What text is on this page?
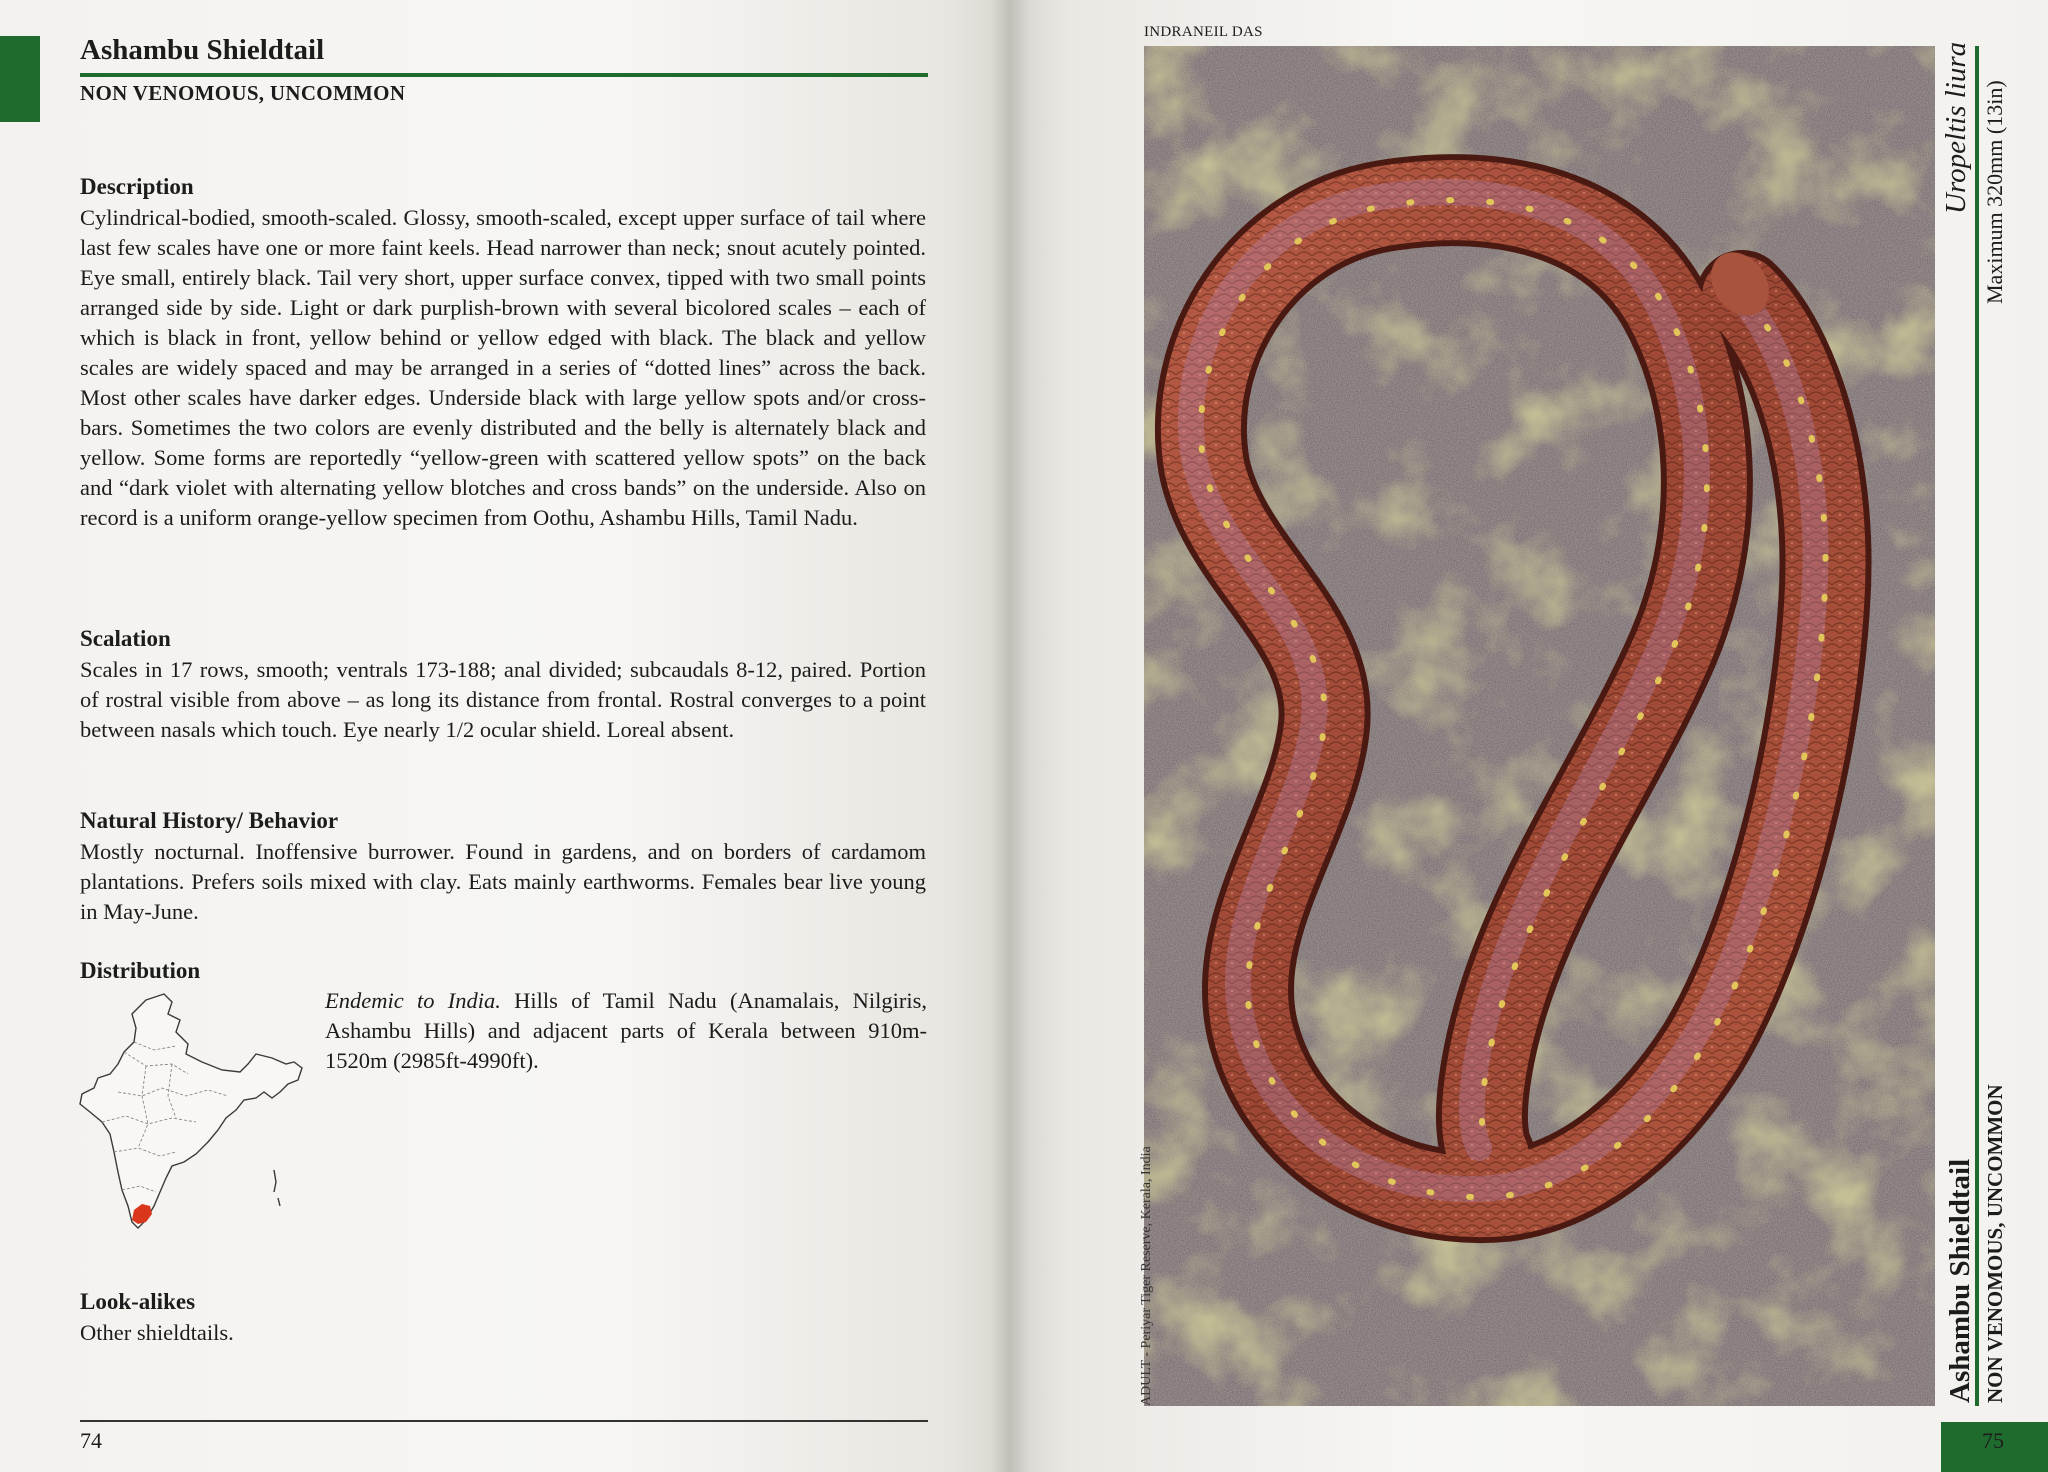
Ashambu Shieldtail
NON VENOMOUS, UNCOMMON
Description

Cylindrical-bodied, smooth-scaled. Glossy, smooth-scaled, except upper surface of tail where last few scales have one or more faint keels. Head narrower than neck; snout acutely pointed. Eye small, entirely black. Tail very short, upper surface convex, tipped with two small points arranged side by side. Light or dark purplish-brown with several bicolored scales – each of which is black in front, yellow behind or yellow edged with black. The black and yellow scales are widely spaced and may be arranged in a series of “dotted lines” across the back. Most other scales have darker edges. Underside black with large yellow spots and/or cross-bars. Sometimes the two colors are evenly distributed and the belly is alternately black and yellow. Some forms are reportedly “yellow-green with scattered yellow spots” on the back and “dark violet with alternating yellow blotches and cross bands” on the underside. Also on record is a uniform orange-yellow specimen from Oothu, Ashambu Hills, Tamil Nadu.

Scalation

Scales in 17 rows, smooth; ventrals 173-188; anal divided; subcaudals 8-12, paired. Portion of rostral visible from above – as long its distance from frontal. Rostral converges to a point between nasals which touch. Eye nearly 1/2 ocular shield. Loreal absent.

Natural History/ Behavior

Mostly nocturnal. Inoffensive burrower. Found in gardens, and on borders of cardamom plantations. Prefers soils mixed with clay. Eats mainly earthworms. Females bear live young in May-June.

Distribution
Endemic to India. Hills of Tamil Nadu (Anamalais, Nilgiris, Ashambu Hills) and adjacent parts of Kerala between 910m-1520m (2985ft-4990ft).
Look-alikes

Other shieldtails.

74
INDRANEIL DAS
ADULT - Periyar Tiger Reserve, Kerala, India
Uropeltis liura Maximum 320mm (13in)
Ashambu Shieldtail NON VENOMOUS, UNCOMMON
75
